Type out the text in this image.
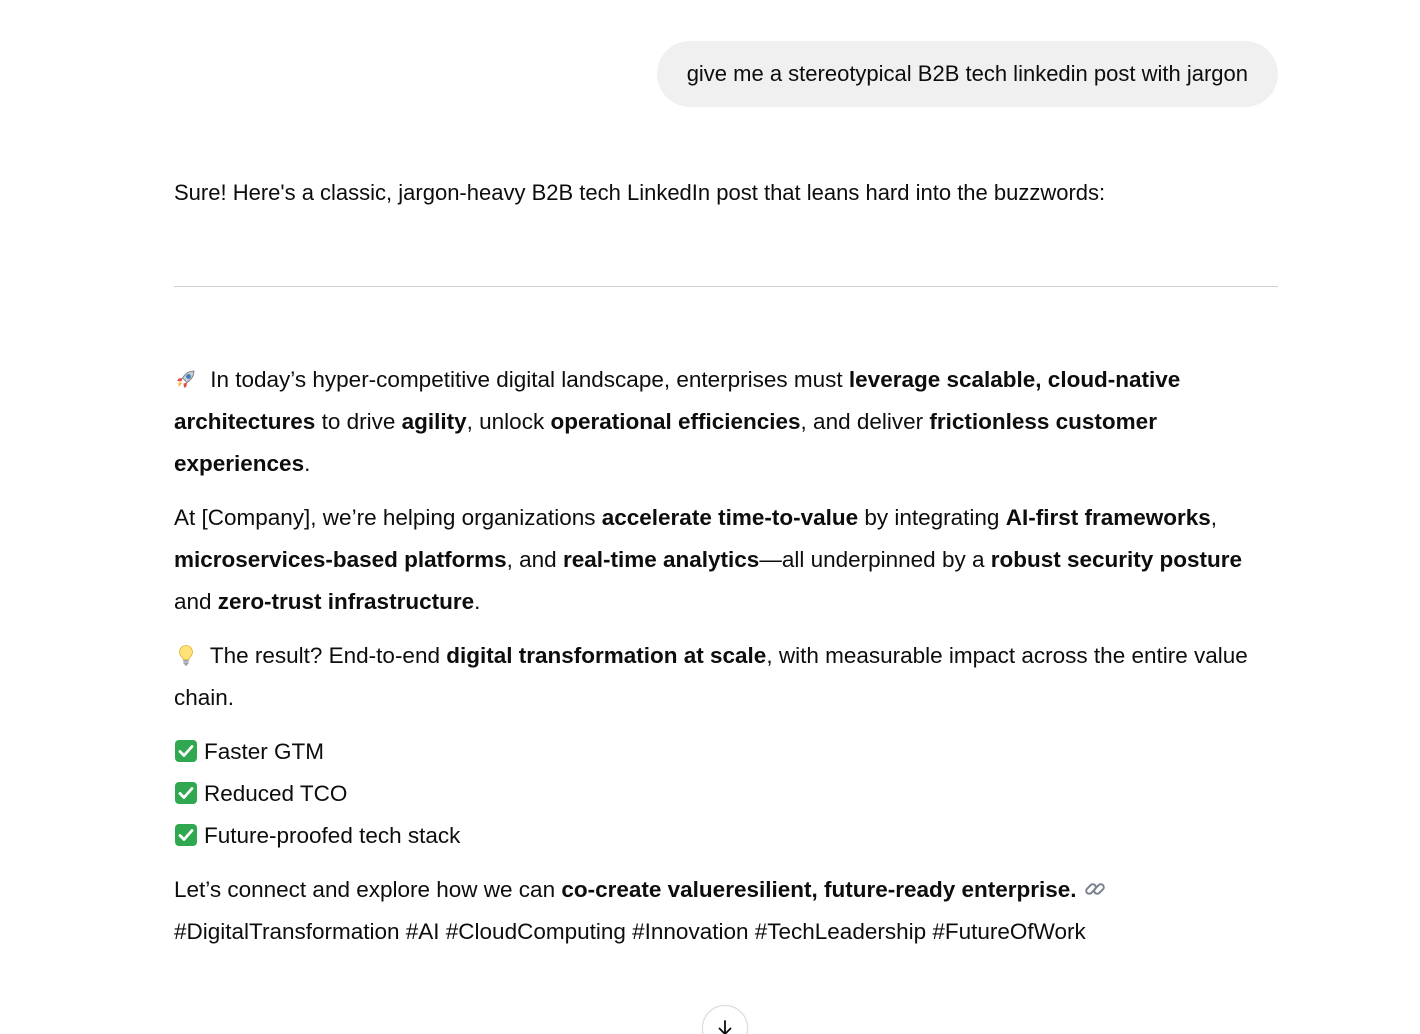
give me a stereotypical B2B tech linkedin post with jargon

Sure! Here's a classic, jargon-heavy B2B tech LinkedIn post that leans hard into the buzzwords:

In today’s hyper-competitive digital landscape, enterprises must leverage scalable, cloud-native architectures to drive agility, unlock operational efficiencies, and deliver frictionless customer experiences.

At [Company], we’re helping organizations accelerate time-to-value by integrating AI-first frameworks, microservices-based platforms, and real-time analytics—all underpinned by a robust security posture and zero-trust infrastructure.

The result? End-to-end digital transformation at scale, with measurable impact across the entire value chain.

Faster GTM
Reduced TCO
Future-proofed tech stack

Let’s connect and explore how we can co-create valueresilient, future-ready enterprise.  #DigitalTransformation #AI #CloudComputing #Innovation #TechLeadership #FutureOfWork
